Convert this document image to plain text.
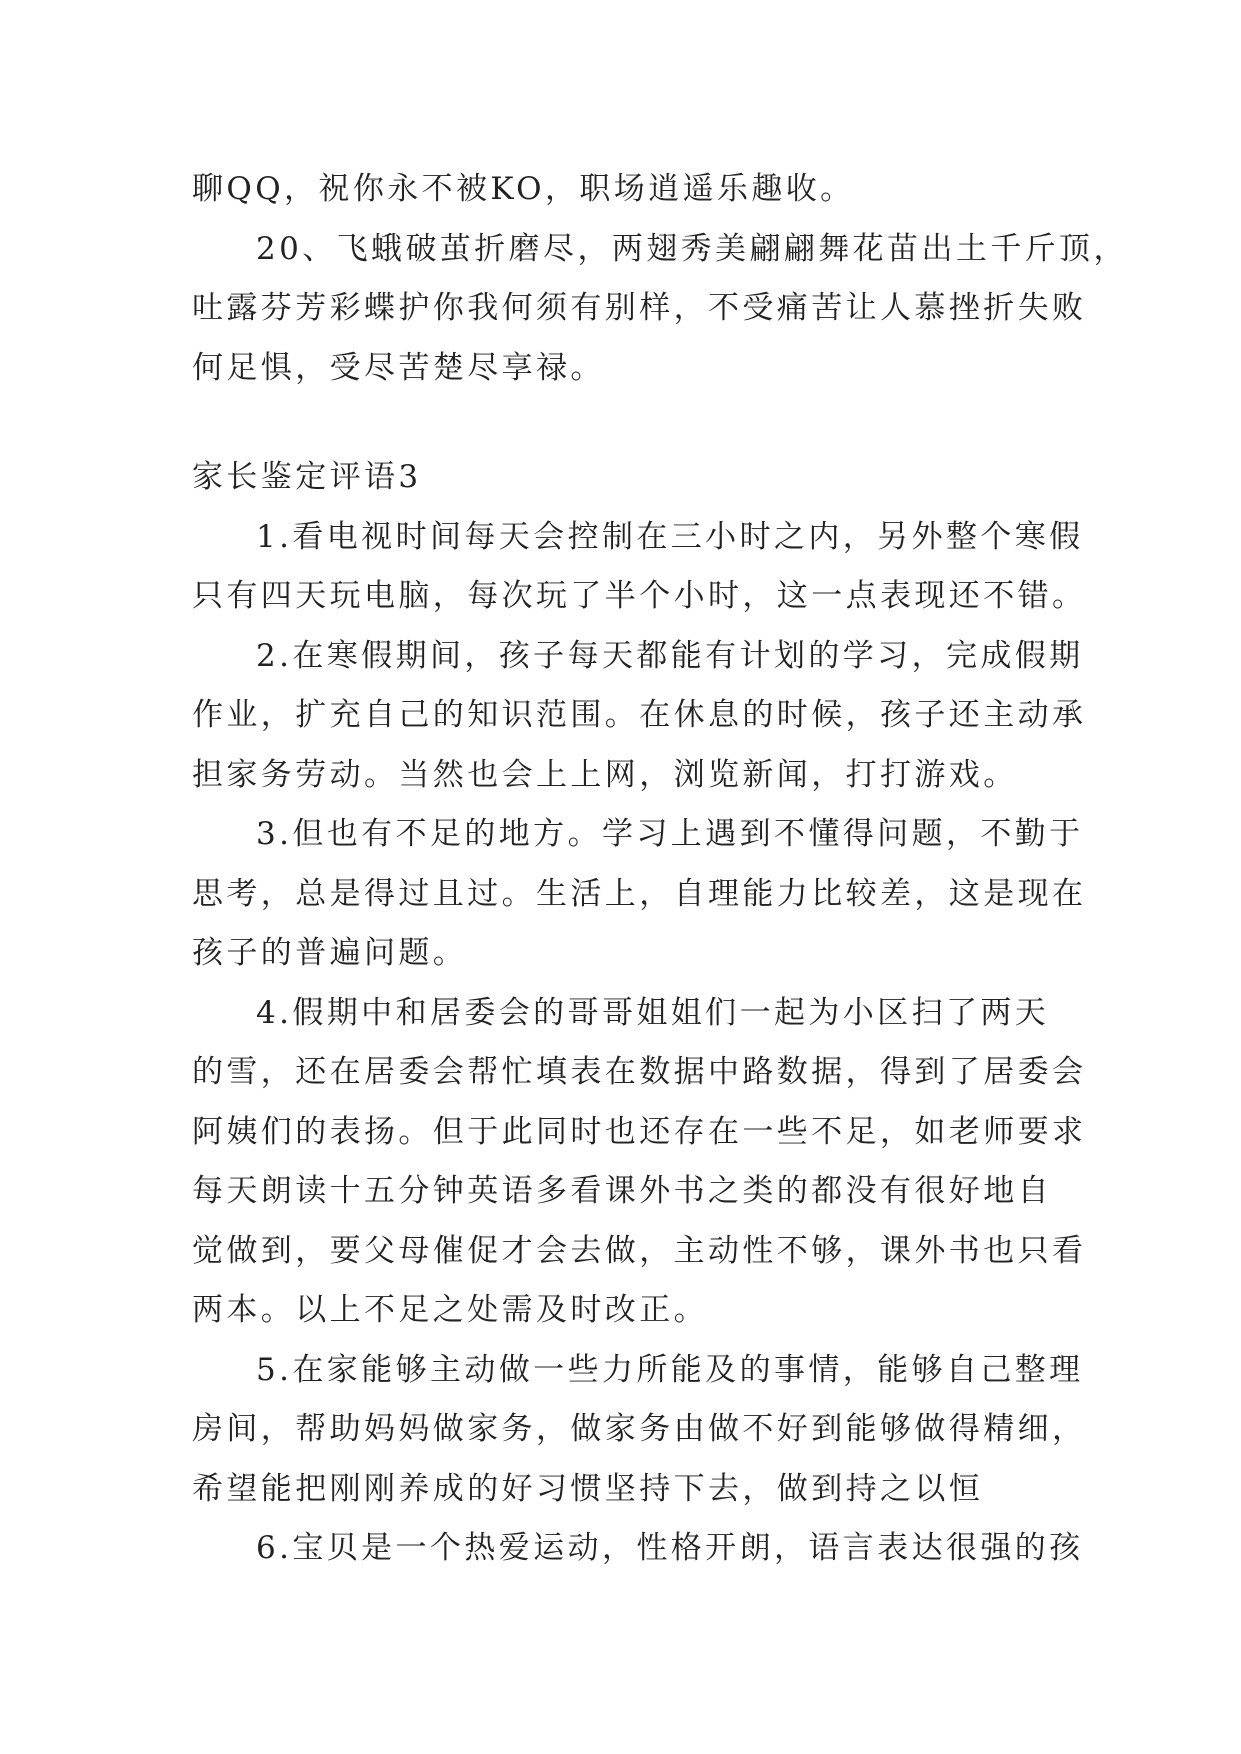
聊QQ，祝你永不被KO，职场逍遥乐趣收。
20、飞蛾破茧折磨尽，两翅秀美翩翩舞花苗出土千斤顶，
吐露芬芳彩蝶护你我何须有别样，不受痛苦让人慕挫折失败
何足惧，受尽苦楚尽享禄。
家长鉴定评语3
1.看电视时间每天会控制在三小时之内，另外整个寒假
只有四天玩电脑，每次玩了半个小时，这一点表现还不错。
2.在寒假期间，孩子每天都能有计划的学习，完成假期
作业，扩充自己的知识范围。在休息的时候，孩子还主动承
担家务劳动。当然也会上上网，浏览新闻，打打游戏。
3.但也有不足的地方。学习上遇到不懂得问题，不勤于
思考，总是得过且过。生活上，自理能力比较差，这是现在
孩子的普遍问题。
4.假期中和居委会的哥哥姐姐们一起为小区扫了两天
的雪，还在居委会帮忙填表在数据中路数据，得到了居委会
阿姨们的表扬。但于此同时也还存在一些不足，如老师要求
每天朗读十五分钟英语多看课外书之类的都没有很好地自
觉做到，要父母催促才会去做，主动性不够，课外书也只看
两本。以上不足之处需及时改正。
5.在家能够主动做一些力所能及的事情，能够自己整理
房间，帮助妈妈做家务，做家务由做不好到能够做得精细，
希望能把刚刚养成的好习惯坚持下去，做到持之以恒
6.宝贝是一个热爱运动，性格开朗，语言表达很强的孩
